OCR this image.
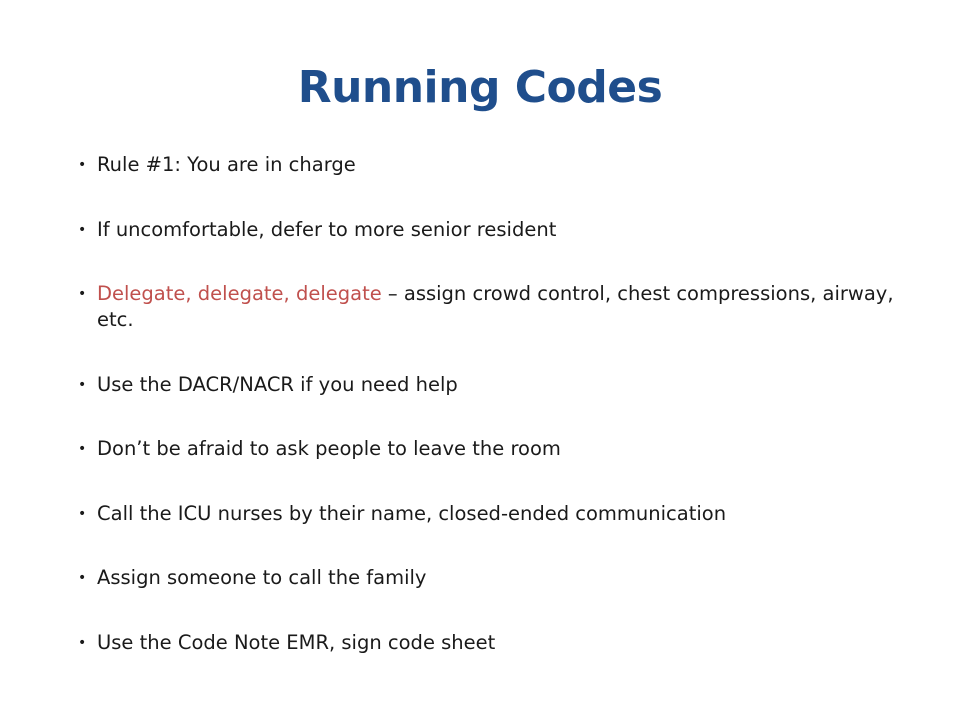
Running Codes
• Rule #1: You are in charge
• If uncomfortable, defer to more senior resident
• Delegate, delegate, delegate – assign crowd control, chest compressions, airway, etc.
• Use the DACR/NACR if you need help
• Don’t be afraid to ask people to leave the room
• Call the ICU nurses by their name, closed-ended communication
• Assign someone to call the family
• Use the Code Note EMR, sign code sheet
